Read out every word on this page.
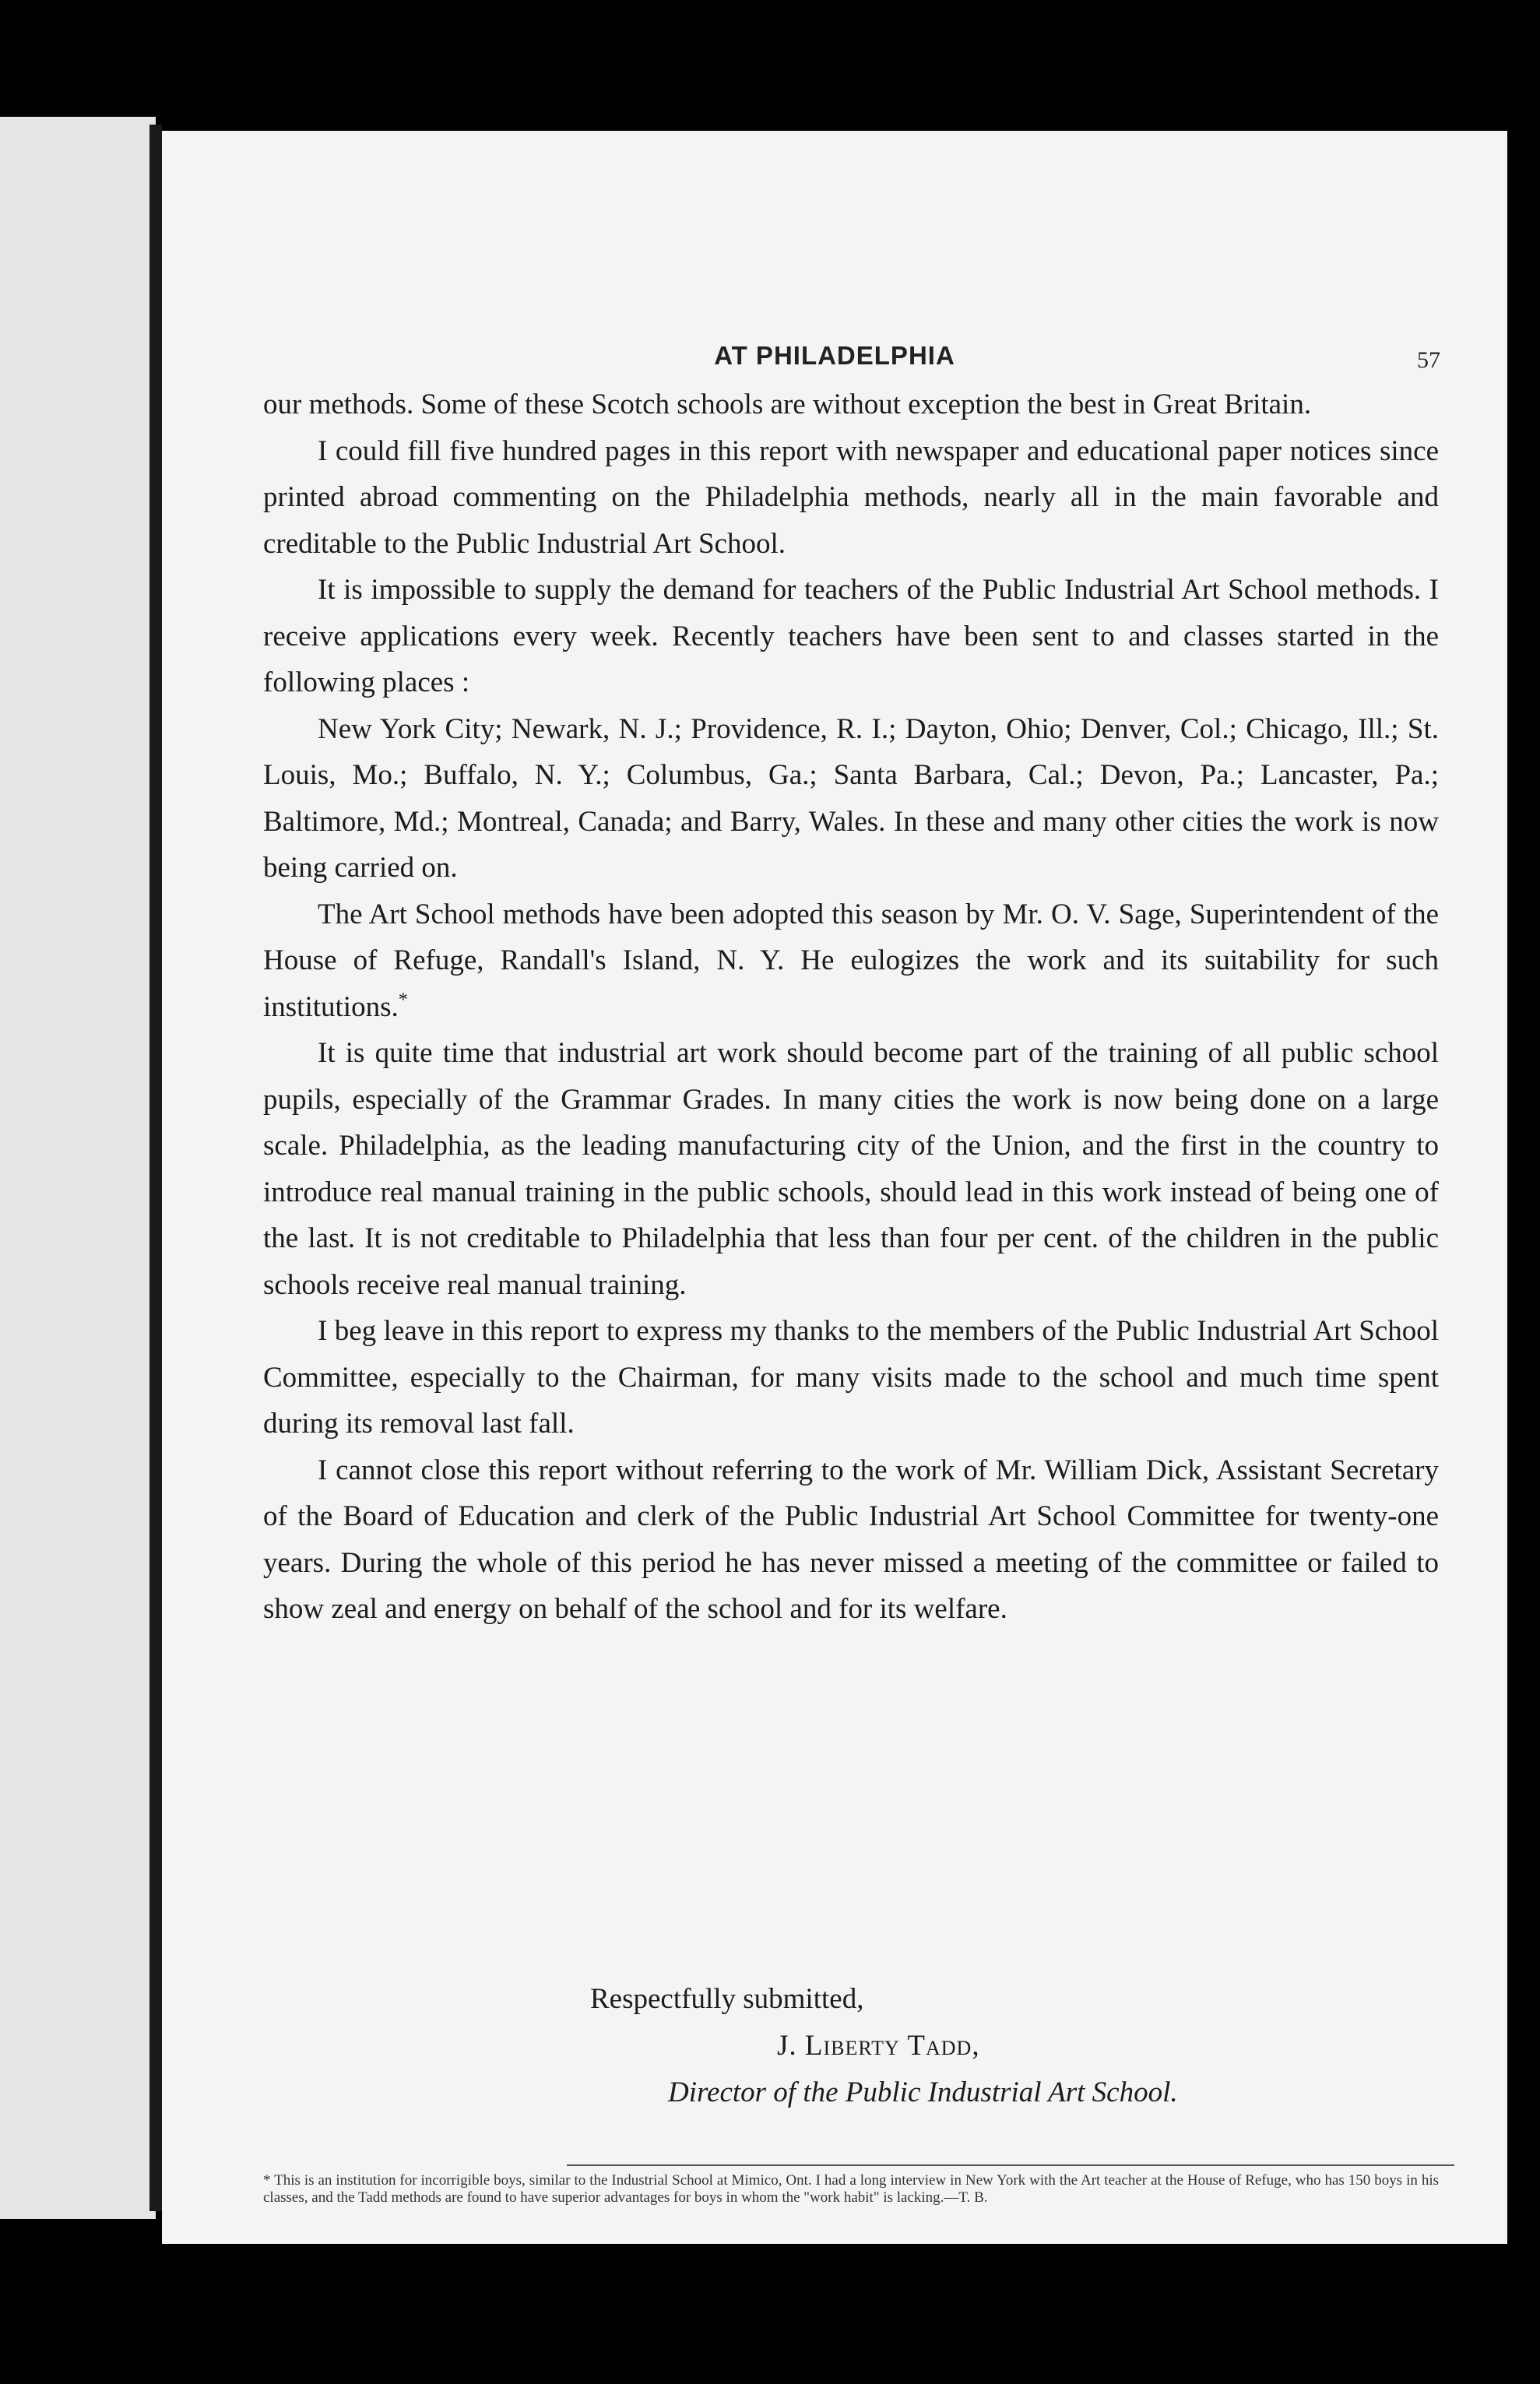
AT PHILADELPHIA	57

our methods. Some of these Scotch schools are without exception the best in Great Britain.

I could fill five hundred pages in this report with newspaper and educational paper notices since printed abroad commenting on the Philadelphia methods, nearly all in the main favorable and creditable to the Public Industrial Art School.

It is impossible to supply the demand for teachers of the Public Industrial Art School methods. I receive applications every week. Recently teachers have been sent to and classes started in the following places :

New York City; Newark, N. J.; Providence, R. I.; Dayton, Ohio; Denver, Col.; Chicago, Ill.; St. Louis, Mo.; Buffalo, N. Y.; Columbus, Ga.; Santa Barbara, Cal.; Devon, Pa.; Lancaster, Pa.; Baltimore, Md.; Montreal, Canada; and Barry, Wales. In these and many other cities the work is now being carried on.

The Art School methods have been adopted this season by Mr. O. V. Sage, Superintendent of the House of Refuge, Randall's Island, N. Y. He eulogizes the work and its suitability for such institutions.*

It is quite time that industrial art work should become part of the training of all public school pupils, especially of the Grammar Grades. In many cities the work is now being done on a large scale. Philadelphia, as the leading manufacturing city of the Union, and the first in the country to introduce real manual training in the public schools, should lead in this work instead of being one of the last. It is not creditable to Philadelphia that less than four per cent. of the children in the public schools receive real manual training.

I beg leave in this report to express my thanks to the members of the Public Industrial Art School Committee, especially to the Chairman, for many visits made to the school and much time spent during its removal last fall.

I cannot close this report without referring to the work of Mr. William Dick, Assistant Secretary of the Board of Education and clerk of the Public Industrial Art School Committee for twenty-one years. During the whole of this period he has never missed a meeting of the committee or failed to show zeal and energy on behalf of the school and for its welfare.

Respectfully submitted,
J. Liberty Tadd,
Director of the Public Industrial Art School.
* This is an institution for incorrigible boys, similar to the Industrial School at Mimico, Ont. I had a long interview in New York with the Art teacher at the House of Refuge, who has 150 boys in his classes, and the Tadd methods are found to have superior advantages for boys in whom the "work habit" is lacking.—T. B.
